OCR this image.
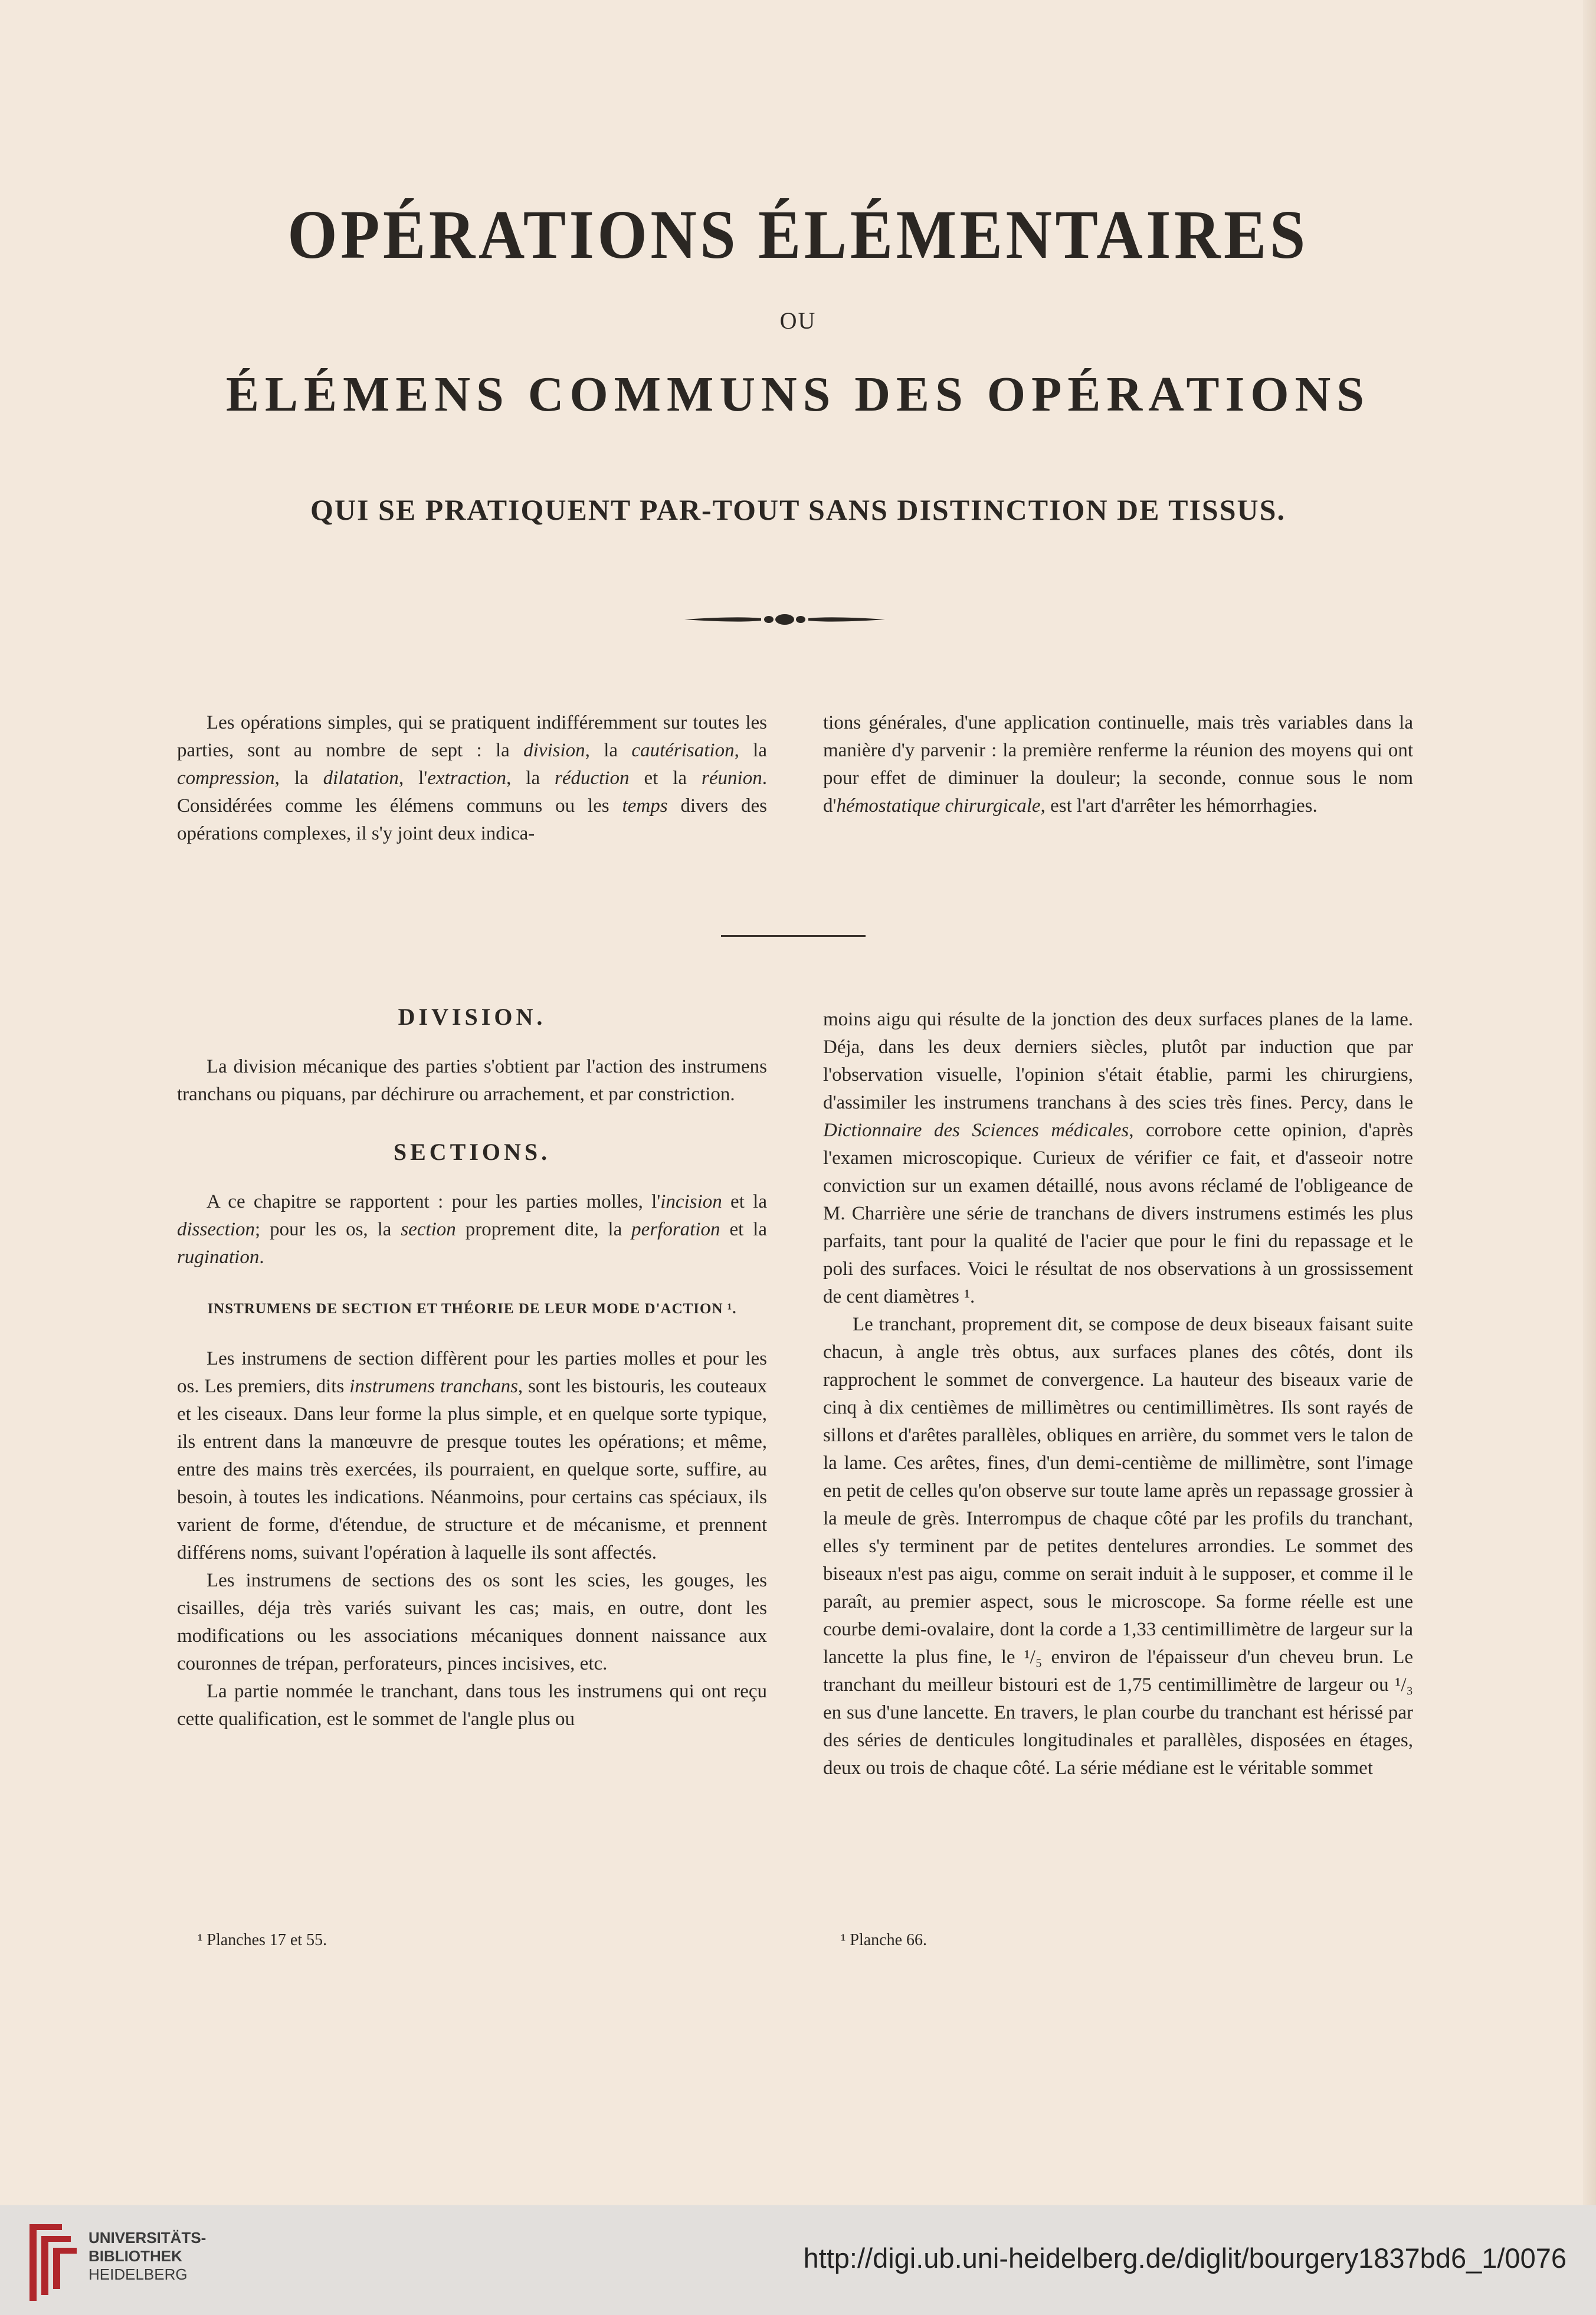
OPÉRATIONS ÉLÉMENTAIRES
OU
ÉLÉMENS COMMUNS DES OPÉRATIONS
QUI SE PRATIQUENT PAR-TOUT SANS DISTINCTION DE TISSUS.

Les opérations simples, qui se pratiquent indifféremment sur toutes les parties, sont au nombre de sept : la division, la cautérisation, la compression, la dilatation, l'extraction, la réduction et la réunion. Considérées comme les élémens communs ou les temps divers des opérations complexes, il s'y joint deux indica-

tions générales, d'une application continuelle, mais très variables dans la manière d'y parvenir : la première renferme la réunion des moyens qui ont pour effet de diminuer la douleur; la seconde, connue sous le nom d'hémostatique chirurgicale, est l'art d'arrêter les hémorrhagies.

DIVISION.

La division mécanique des parties s'obtient par l'action des instrumens tranchans ou piquans, par déchirure ou arrachement, et par constriction.

SECTIONS.

A ce chapitre se rapportent : pour les parties molles, l'incision et la dissection; pour les os, la section proprement dite, la perforation et la rugination.

INSTRUMENS DE SECTION ET THÉORIE DE LEUR MODE D'ACTION ¹.

Les instrumens de section diffèrent pour les parties molles et pour les os. Les premiers, dits instrumens tranchans, sont les bistouris, les couteaux et les ciseaux. Dans leur forme la plus simple, et en quelque sorte typique, ils entrent dans la manœuvre de presque toutes les opérations; et même, entre des mains très exercées, ils pourraient, en quelque sorte, suffire, au besoin, à toutes les indications. Néanmoins, pour certains cas spéciaux, ils varient de forme, d'étendue, de structure et de mécanisme, et prennent différens noms, suivant l'opération à laquelle ils sont affectés.

Les instrumens de sections des os sont les scies, les gouges, les cisailles, déja très variés suivant les cas; mais, en outre, dont les modifications ou les associations mécaniques donnent naissance aux couronnes de trépan, perforateurs, pinces incisives, etc.

La partie nommée le tranchant, dans tous les instrumens qui ont reçu cette qualification, est le sommet de l'angle plus ou

moins aigu qui résulte de la jonction des deux surfaces planes de la lame. Déja, dans les deux derniers siècles, plutôt par induction que par l'observation visuelle, l'opinion s'était établie, parmi les chirurgiens, d'assimiler les instrumens tranchans à des scies très fines. Percy, dans le Dictionnaire des Sciences médicales, corrobore cette opinion, d'après l'examen microscopique. Curieux de vérifier ce fait, et d'asseoir notre conviction sur un examen détaillé, nous avons réclamé de l'obligeance de M. Charrière une série de tranchans de divers instrumens estimés les plus parfaits, tant pour la qualité de l'acier que pour le fini du repassage et le poli des surfaces. Voici le résultat de nos observations à un grossissement de cent diamètres ¹.

Le tranchant, proprement dit, se compose de deux biseaux faisant suite chacun, à angle très obtus, aux surfaces planes des côtés, dont ils rapprochent le sommet de convergence. La hauteur des biseaux varie de cinq à dix centièmes de millimètres ou centimillimètres. Ils sont rayés de sillons et d'arêtes parallèles, obliques en arrière, du sommet vers le talon de la lame. Ces arêtes, fines, d'un demi-centième de millimètre, sont l'image en petit de celles qu'on observe sur toute lame après un repassage grossier à la meule de grès. Interrompus de chaque côté par les profils du tranchant, elles s'y terminent par de petites dentelures arrondies. Le sommet des biseaux n'est pas aigu, comme on serait induit à le supposer, et comme il le paraît, au premier aspect, sous le microscope. Sa forme réelle est une courbe demi-ovalaire, dont la corde a 1,33 centimillimètre de largeur sur la lancette la plus fine, le ¹/₅ environ de l'épaisseur d'un cheveu brun. Le tranchant du meilleur bistouri est de 1,75 centimillimètre de largeur ou ¹/₃ en sus d'une lancette. En travers, le plan courbe du tranchant est hérissé par des séries de denticules longitudinales et parallèles, disposées en étages, deux ou trois de chaque côté. La série médiane est le véritable sommet

¹ Planches 17 et 55.	¹ Planche 66.
UNIVERSITÄTS-
BIBLIOTHEK
HEIDELBERG
http://digi.ub.uni-heidelberg.de/diglit/bourgery1837bd6_1/0076
